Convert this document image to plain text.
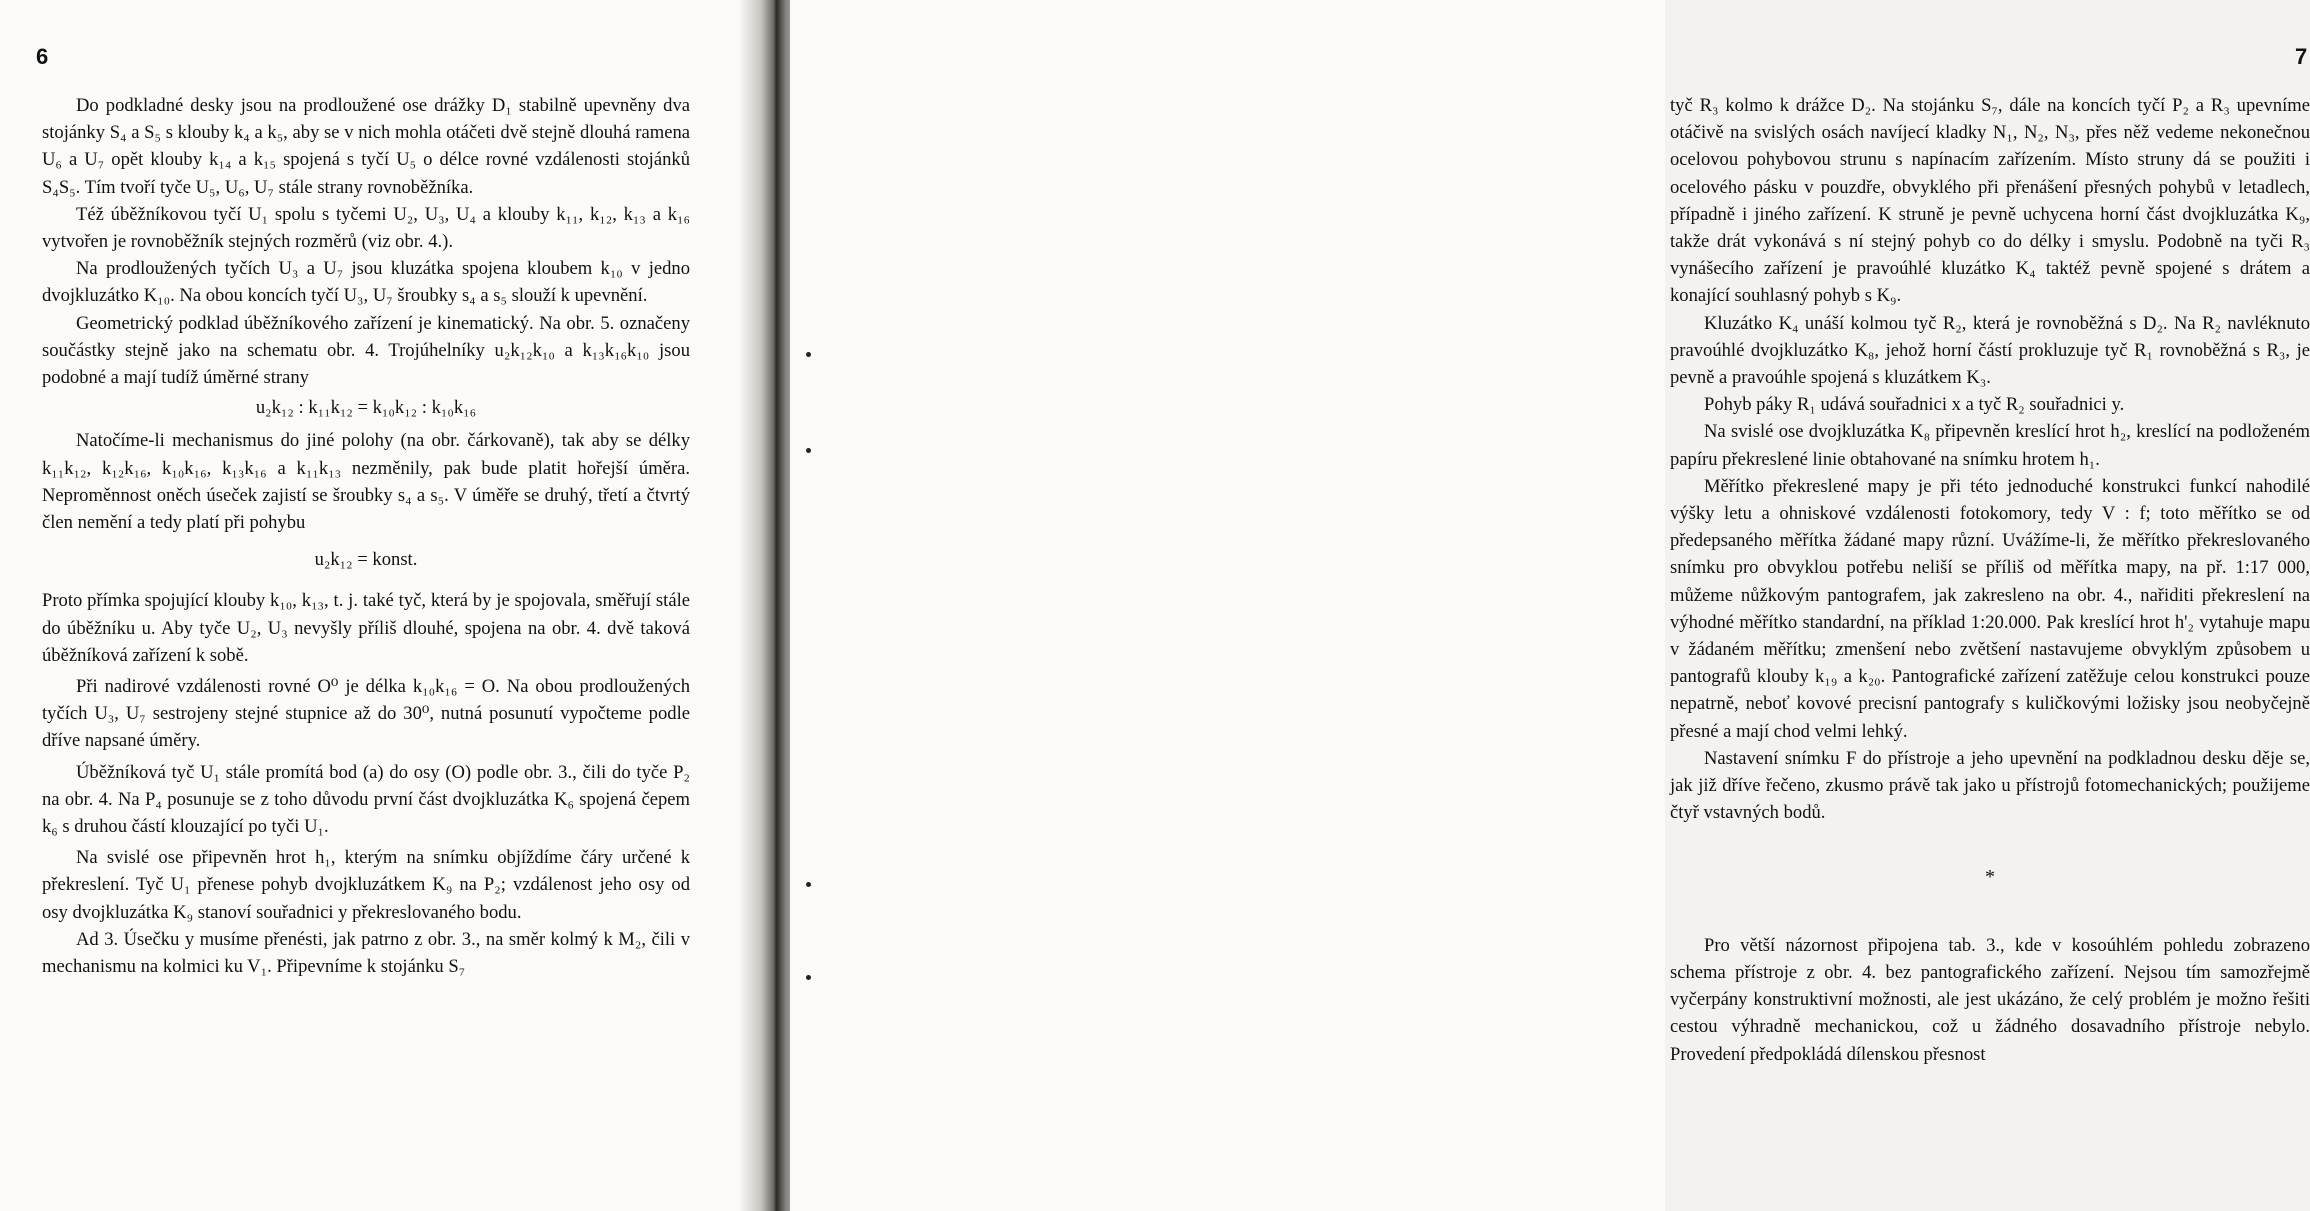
6

Do podkladné desky jsou na prodloužené ose drážky D₁ stabilně upevněny dva stojánky S₄ a S₅ s klouby k₄ a k₅, aby se v nich mohla otáčeti dvě stejně dlouhá ramena U₆ a U₇ opět klouby k₁₄ a k₁₅ spojená s tyčí U₅ o délce rovné vzdálenosti stojánků S₄S₅. Tím tvoří tyče U₅, U₆, U₇ stále strany rovnoběžníka.

Též úběžníkovou tyčí U₁ spolu s tyčemi U₂, U₃, U₄ a klouby k₁₁, k₁₂, k₁₃ a k₁₆ vytvořen je rovnoběžník stejných rozměrů (viz obr. 4.).

Na prodloužených tyčích U₃ a U₇ jsou kluzátka spojena kloubem k₁₀ v jedno dvojkluzátko K₁₀. Na obou koncích tyčí U₃, U₇ šroubky s₄ a s₅ slouží k upevnění.

Geometrický podklad úběžníkového zařízení je kinematický. Na obr. 5. označeny součástky stejně jako na schematu obr. 4. Trojúhelníky u₂k₁₂k₁₀ a k₁₃k₁₆k₁₀ jsou podobné a mají tudíž úměrné strany

u₂k₁₂ : k₁₁k₁₂ = k₁₀k₁₂ : k₁₀k₁₆

Natočíme-li mechanismus do jiné polohy (na obr. čárkovaně), tak aby se délky k₁₁k₁₂, k₁₂k₁₆, k₁₀k₁₆, k₁₃k₁₆ a k₁₁k₁₃ nezměnily, pak bude platit hořejší úměra. Neproměnnost oněch úseček zajistí se šroubky s₄ a s₅. V úměře se druhý, třetí a čtvrtý člen nemění a tedy platí při pohybu

u₂k₁₂ = konst.

Proto přímka spojující klouby k₁₀, k₁₃, t. j. také tyč, která by je spojovala, směřují stále do úběžníku u. Aby tyče U₂, U₃ nevyšly příliš dlouhé, spojena na obr. 4. dvě taková úběžníková zařízení k sobě.

Při nadirové vzdálenosti rovné O⁰ je délka k₁₀k₁₆ = O. Na obou prodloužených tyčích U₃, U₇ sestrojeny stejné stupnice až do 30⁰, nutná posunutí vypočteme podle dříve napsané úměry.

Úběžníková tyč U₁ stále promítá bod (a) do osy (O) podle obr. 3., čili do tyče P₂ na obr. 4. Na P₄ posunuje se z toho důvodu první část dvojkluzátka K₆ spojená čepem k₆ s druhou částí klouzající po tyči U₁.

Na svislé ose připevněn hrot h₁, kterým na snímku objíždíme čáry určené k překreslení. Tyč U₁ přenese pohyb dvojkluzátkem K₉ na P₂; vzdálenost jeho osy od osy dvojkluzátka K₉ stanoví souřadnici y překreslovaného bodu.

Ad 3. Úsečku y musíme přenésti, jak patrno z obr. 3., na směr kolmý k M₂, čili v mechanismu na kolmici ku V₁. Připevníme k stojánku S₇

7

tyč R₃ kolmo k drážce D₂. Na stojánku S₇, dále na koncích tyčí P₂ a R₃ upevníme otáčivě na svislých osách navíjecí kladky N₁, N₂, N₃, přes něž vedeme nekonečnou ocelovou pohybovou strunu s napínacím zařízením. Místo struny dá se použiti i ocelového pásku v pouzdře, obvyklého při přenášení přesných pohybů v letadlech, případně i jiného zařízení. K struně je pevně uchycena horní část dvojkluzátka K₉, takže drát vykonává s ní stejný pohyb co do délky i smyslu. Podobně na tyči R₃ vynášecího zařízení je pravoúhlé kluzátko K₄ taktéž pevně spojené s drátem a konající souhlasný pohyb s K₉.

Kluzátko K₄ unáší kolmou tyč R₂, která je rovnoběžná s D₂. Na R₂ navléknuto pravoúhlé dvojkluzátko K₈, jehož horní částí prokluzuje tyč R₁ rovnoběžná s R₃, je pevně a pravoúhle spojená s kluzátkem K₃.

Pohyb páky R₁ udává souřadnici x a tyč R₂ souřadnici y.

Na svislé ose dvojkluzátka K₈ připevněn kreslící hrot h₂, kreslící na podloženém papíru překreslené linie obtahované na snímku hrotem h₁.

Měřítko překreslené mapy je při této jednoduché konstrukci funkcí nahodilé výšky letu a ohniskové vzdálenosti fotokomory, tedy V : f; toto měřítko se od předepsaného měřítka žádané mapy různí. Uvážíme-li, že měřítko překreslovaného snímku pro obvyklou potřebu neliší se příliš od měřítka mapy, na př. 1:17 000, můžeme nůžkovým pantografem, jak zakresleno na obr. 4., nařiditi překreslení na výhodné měřítko standardní, na příklad 1:20.000. Pak kreslící hrot h'₂ vytahuje mapu v žádaném měřítku; zmenšení nebo zvětšení nastavujeme obvyklým způsobem u pantografů klouby k₁₉ a k₂₀. Pantografické zařízení zatěžuje celou konstrukci pouze nepatrně, neboť kovové precisní pantografy s kuličkovými ložisky jsou neobyčejně přesné a mají chod velmi lehký.

Nastavení snímku F do přístroje a jeho upevnění na podkladnou desku děje se, jak již dříve řečeno, zkusmo právě tak jako u přístrojů fotomechanických; použijeme čtyř vstavných bodů.

*

Pro větší názornost připojena tab. 3., kde v kosoúhlém pohledu zobrazeno schema přístroje z obr. 4. bez pantografického zařízení. Nejsou tím samozřejmě vyčerpány konstruktivní možnosti, ale jest ukázáno, že celý problém je možno řešiti cestou výhradně mechanickou, což u žádného dosavadního přístroje nebylo. Provedení předpokládá dílenskou přesnost
